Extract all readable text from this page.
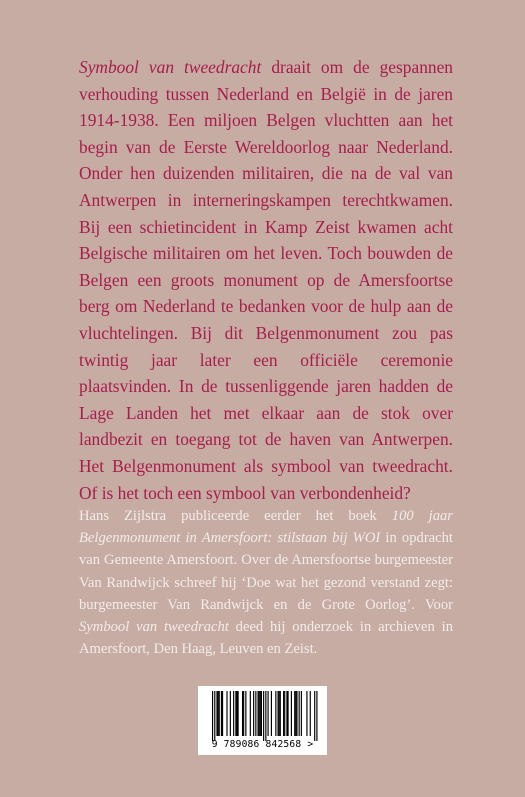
Symbool van tweedracht draait om de gespannen verhouding tussen Nederland en België in de jaren 1914-1938. Een miljoen Belgen vluchtten aan het begin van de Eerste Wereldoorlog naar Nederland. Onder hen duizenden militairen, die na de val van Antwerpen in interneringskampen terechtkwamen. Bij een schietincident in Kamp Zeist kwamen acht Belgische militairen om het leven. Toch bouwden de Belgen een groots monument op de Amersfoortse berg om Nederland te bedanken voor de hulp aan de vluchtelingen. Bij dit Belgenmonument zou pas twintig jaar later een officiële ceremonie plaatsvinden. In de tussenliggende jaren hadden de Lage Landen het met elkaar aan de stok over landbezit en toegang tot de haven van Antwerpen. Het Belgenmonument als symbool van tweedracht. Of is het toch een symbool van verbondenheid?

Hans Zijlstra publiceerde eerder het boek 100 jaar Belgenmonument in Amersfoort: stilstaan bij WOI in opdracht van Gemeente Amersfoort. Over de Amersfoortse burgemeester Van Randwijck schreef hij ‘Doe wat het gezond verstand zegt: burgemeester Van Randwijck en de Grote Oorlog’. Voor Symbool van tweedracht deed hij onderzoek in archieven in Amersfoort, Den Haag, Leuven en Zeist.

9 789086 842568 >
